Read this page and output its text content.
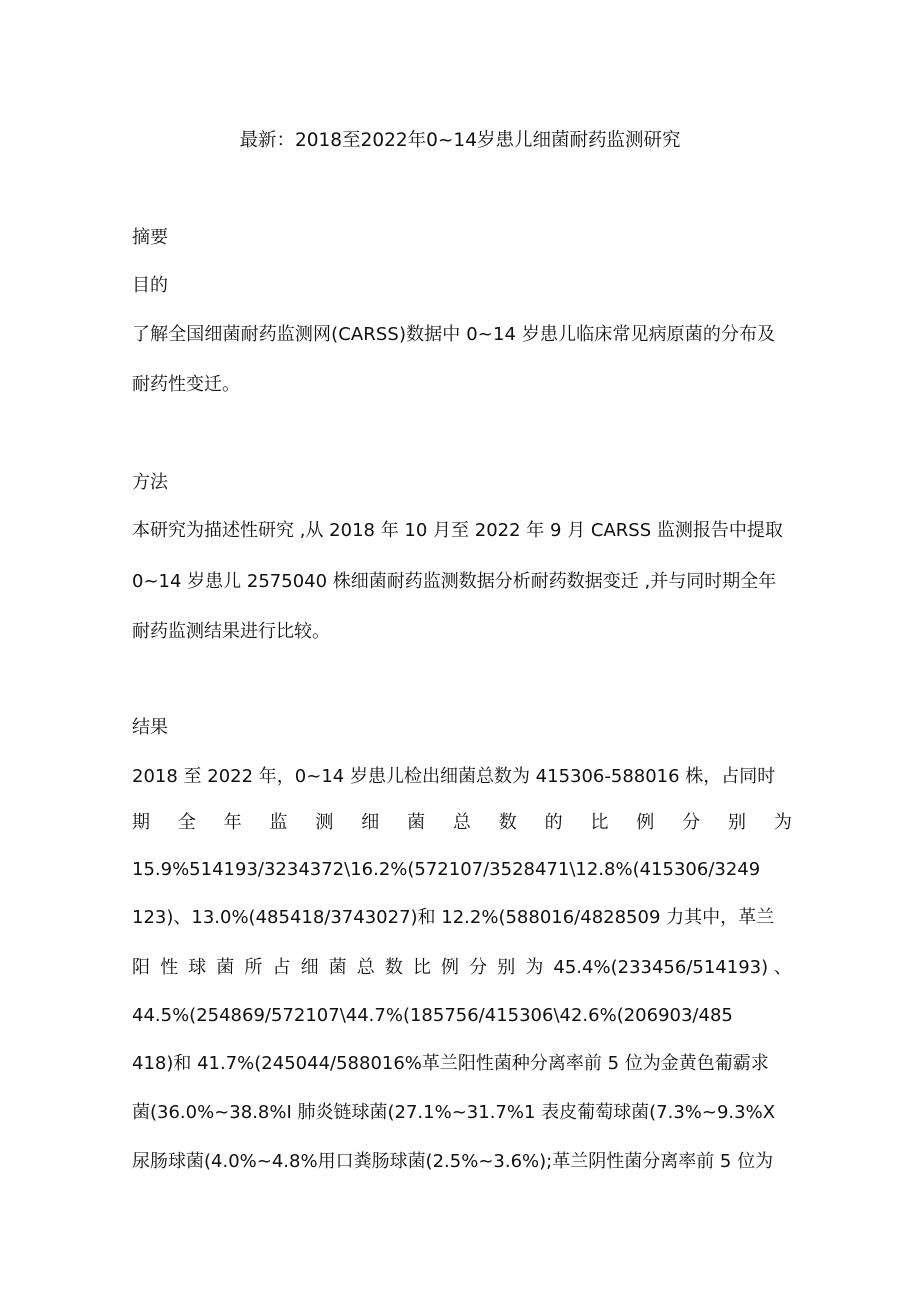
最新：2018至2022年0~14岁患儿细菌耐药监测研究
摘要
目的
了解全国细菌耐药监测网(CARSS)数据中 0~14 岁患儿临床常见病原菌的分布及
耐药性变迁。
方法
本研究为描述性研究 ,从 2018 年 10 月至 2022 年 9 月 CARSS 监测报告中提取
0~14 岁患儿 2575040 株细菌耐药监测数据分析耐药数据变迁 ,并与同时期全年
耐药监测结果进行比较。
结果
2018 至 2022 年，0~14 岁患儿检出细菌总数为 415306-588016 株，占同时
期 全 年 监 测 细 菌 总 数 的 比 例 分 别 为
15.9%514193/3234372\16.2%(572107/3528471\12.8%(415306/3249
123)、13.0%(485418/3743027)和 12.2%(588016/4828509 力其中，革兰
阳 性 球 菌 所 占 细 菌 总 数 比 例 分 别 为 45.4%(233456/514193) 、
44.5%(254869/572107\44.7%(185756/415306\42.6%(206903/485
418)和 41.7%(245044/588016%革兰阳性菌种分离率前 5 位为金黄色葡霸求
菌(36.0%~38.8%I 肺炎链球菌(27.1%~31.7%1 表皮葡萄球菌(7.3%~9.3%X
尿肠球菌(4.0%~4.8%用口粪肠球菌(2.5%~3.6%);革兰阴性菌分离率前 5 位为
